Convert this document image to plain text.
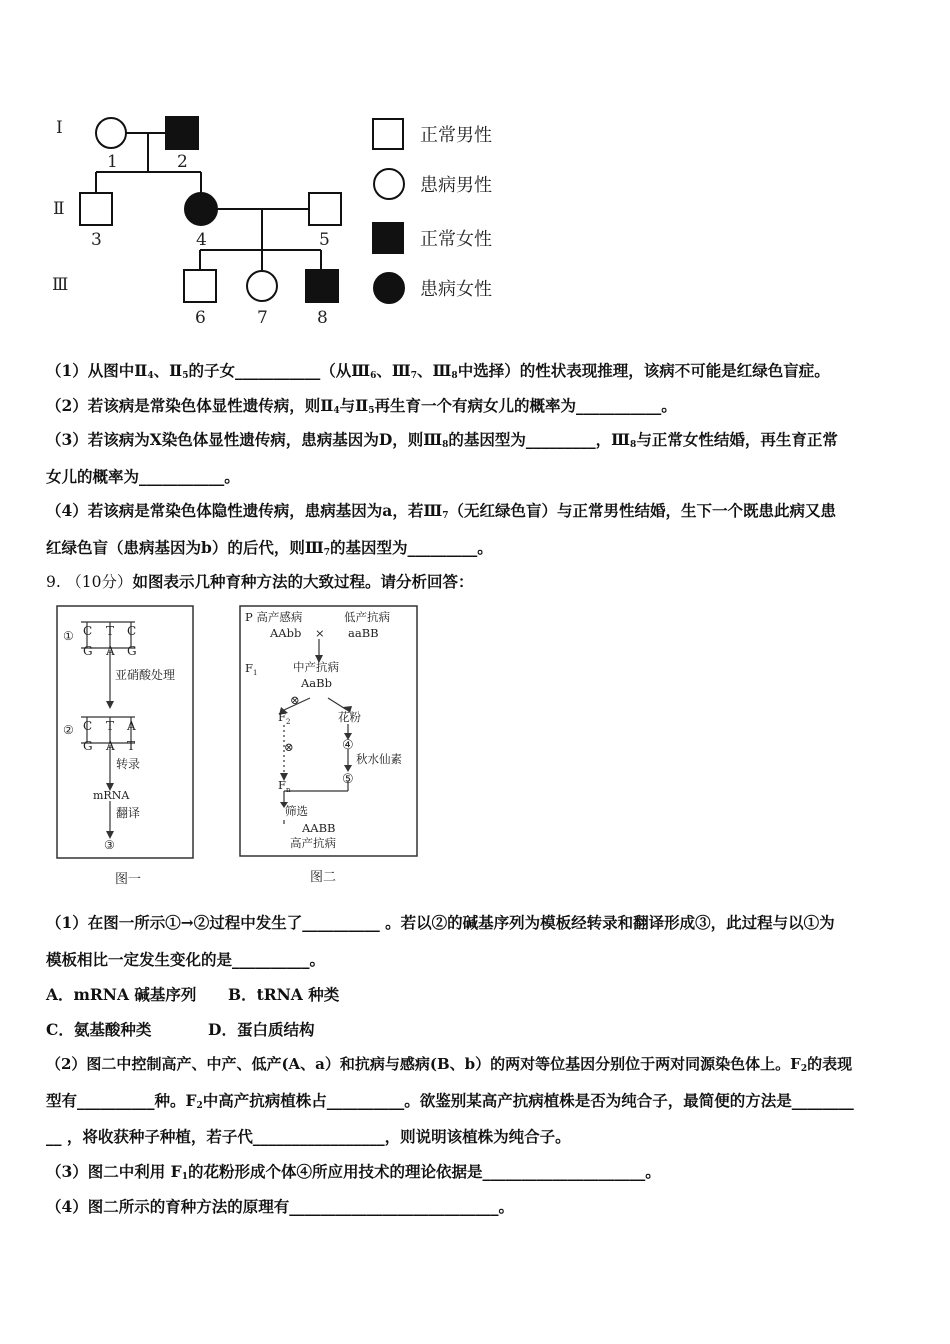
I
Ⅱ
Ⅲ
1	2
3	4	5
6	7	8
正常男性
患病男性
正常女性
患病女性
（1）从图中$Ⅱ_4$、$Ⅱ_5$的子女___________（从$Ⅲ_6$、$Ⅲ_7$、$Ⅲ_8$中选择）的性状表现推理，该病不可能是红绿色盲症。
（2）若该病是常染色体显性遗传病，则$Ⅱ_4$与$Ⅱ_5$再生育一个有病女儿的概率为___________。
（3）若该病为X染色体显性遗传病，患病基因为D，则$Ⅲ_8$的基因型为_________，$Ⅲ_8$与正常女性结婚，再生育正常
女儿的概率为___________。
（4）若该病是常染色体隐性遗传病，患病基因为a，若$Ⅲ_7$（无红绿色盲）与正常男性结婚，生下一个既患此病又患
红绿色盲（患病基因为b）的后代，则$Ⅲ_7$的基因型为_________。
9. （10分）如图表示几种育种方法的大致过程。请分析回答：
① C T C
G A G
亚硝酸处理
② C T A
G A T
转录
mRNA
翻译
③
图一
P 高产感病	低产抗病
AAbb × aaBB
$F_1$	中产抗病
AaBb
⊗
$F_2$	花粉
⊗	④
秋水仙素
⑤
$F_n$
筛选
AABB
高产抗病
图二
（1）在图一所示①→②过程中发生了__________ 。若以②的碱基序列为模板经转录和翻译形成③，此过程与以①为
模板相比一定发生变化的是__________。
A．mRNA 碱基序列 B．tRNA 种类
C．氨基酸种类	D．蛋白质结构
（2）图二中控制高产、中产、低产(A、a）和抗病与感病(B、b）的两对等位基因分别位于两对同源染色体上。$F_2$的表现
型有__________种。$F_2$中高产抗病植株占__________。欲鉴别某高产抗病植株是否为纯合子，最简便的方法是________
__ ，将收获种子种植，若子代_________________，则说明该植株为纯合子。
（3）图二中利用 $F_1$的花粉形成个体④所应用技术的理论依据是_____________________。
（4）图二所示的育种方法的原理有___________________________。
